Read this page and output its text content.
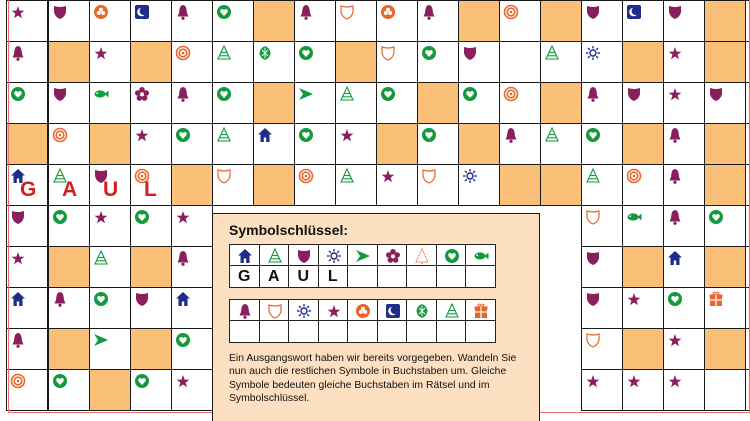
G A U L
Symbolschlüssel:
G	A	U	L
Ein Ausgangswort haben wir bereits vorgegeben. Wandeln Sie nun auch die restlichen Symbole in Buchstaben um. Gleiche Symbole bedeuten gleiche Buchstaben im Rätsel und im Symbolschlüssel.
